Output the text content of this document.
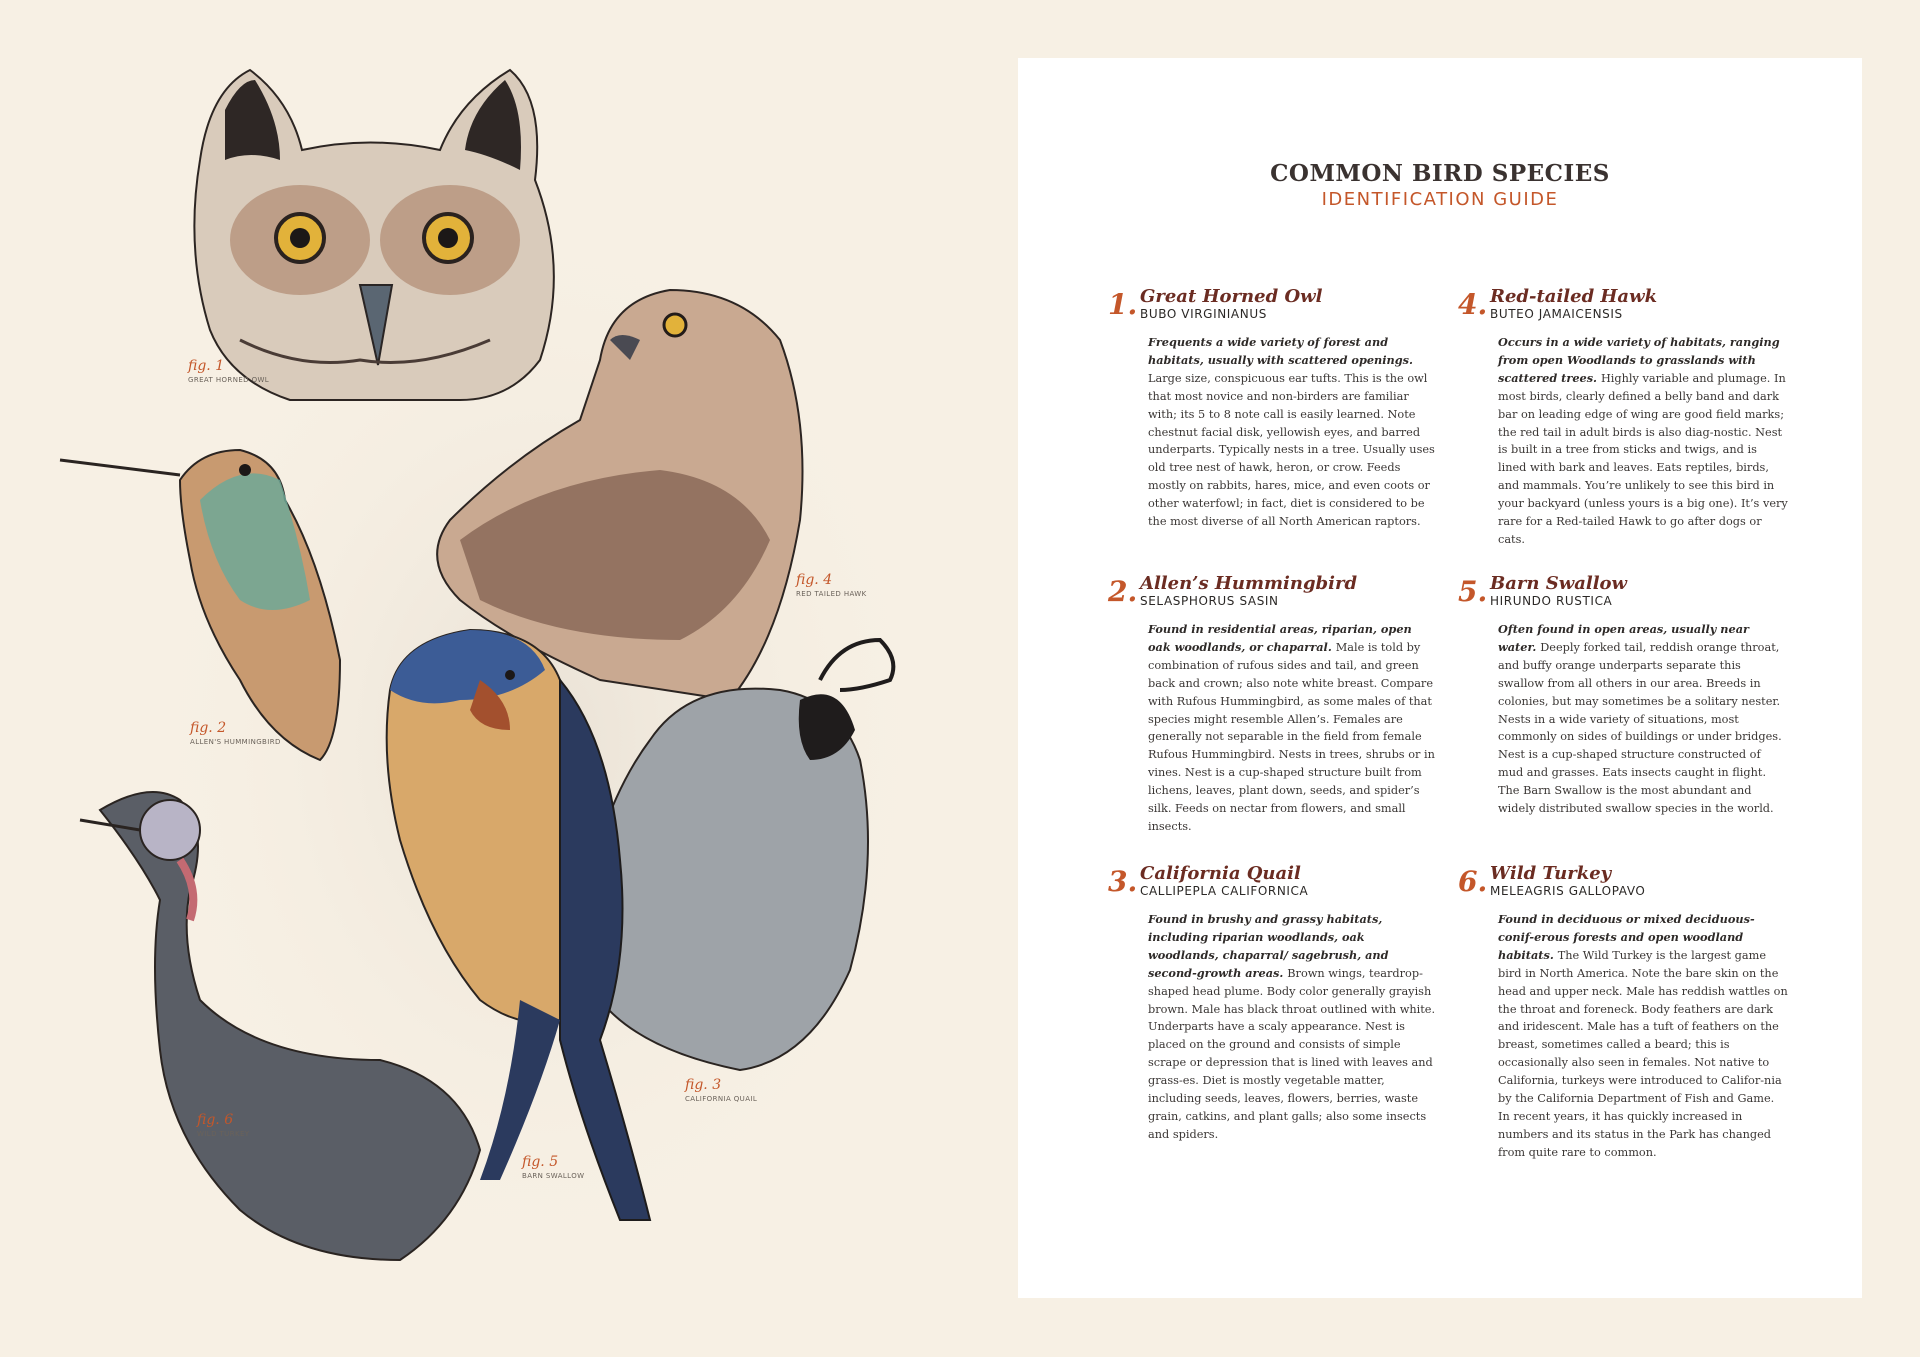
fig. 1
GREAT HORNED OWL
fig. 2
ALLEN'S HUMMINGBIRD
fig. 3
CALIFORNIA QUAIL
fig. 4
RED TAILED HAWK
fig. 5
BARN SWALLOW
fig. 6
WILD TURKEY
COMMON BIRD SPECIES
IDENTIFICATION GUIDE
1. Great Horned Owl
BUBO VIRGINIANUS
Frequents a wide variety of forest and habitats, usually with scattered openings. Large size, conspicuous ear tufts. This is the owl that most novice and non-birders are familiar with; its 5 to 8 note call is easily learned. Note chestnut facial disk, yellowish eyes, and barred underparts. Typically nests in a tree. Usually uses old tree nest of hawk, heron, or crow. Feeds mostly on rabbits, hares, mice, and even coots or other waterfowl; in fact, diet is considered to be the most diverse of all North American raptors.
2. Allen’s Hummingbird
SELASPHORUS SASIN
Found in residential areas, riparian, open oak woodlands, or chaparral. Male is told by combination of rufous sides and tail, and green back and crown; also note white breast. Compare with Rufous Hummingbird, as some males of that species might resemble Allen’s. Females are generally not separable in the field from female Rufous Hummingbird. Nests in trees, shrubs or in vines. Nest is a cup-shaped structure built from lichens, leaves, plant down, seeds, and spider’s silk. Feeds on nectar from flowers, and small insects.
3. California Quail
CALLIPEPLA CALIFORNICA
Found in brushy and grassy habitats, including riparian woodlands, oak woodlands, chaparral/ sagebrush, and second-growth areas. Brown wings, teardrop-shaped head plume. Body color generally grayish brown. Male has black throat outlined with white. Underparts have a scaly appearance. Nest is placed on the ground and consists of simple scrape or depression that is lined with leaves and grass-es. Diet is mostly vegetable matter, including seeds, leaves, flowers, berries, waste grain, catkins, and plant galls; also some insects and spiders.
4. Red-tailed Hawk
BUTEO JAMAICENSIS
Occurs in a wide variety of habitats, ranging from open Woodlands to grasslands with scattered trees. Highly variable and plumage. In most birds, clearly defined a belly band and dark bar on leading edge of wing are good field marks; the red tail in adult birds is also diag-nostic. Nest is built in a tree from sticks and twigs, and is lined with bark and leaves. Eats reptiles, birds, and mammals. You’re unlikely to see this bird in your backyard (unless yours is a big one). It’s very rare for a Red-tailed Hawk to go after dogs or cats.
5. Barn Swallow
HIRUNDO RUSTICA
Often found in open areas, usually near water. Deeply forked tail, reddish orange throat, and buffy orange underparts separate this swallow from all others in our area. Breeds in colonies, but may sometimes be a solitary nester. Nests in a wide variety of situations, most commonly on sides of buildings or under bridges. Nest is a cup-shaped structure constructed of mud and grasses. Eats insects caught in flight. The Barn Swallow is the most abundant and widely distributed swallow species in the world.
6. Wild Turkey
MELEAGRIS GALLOPAVO
Found in deciduous or mixed deciduous-conif-erous forests and open woodland habitats. The Wild Turkey is the largest game bird in North America. Note the bare skin on the head and upper neck. Male has reddish wattles on the throat and foreneck. Body feathers are dark and iridescent. Male has a tuft of feathers on the breast, sometimes called a beard; this is occasionally also seen in females. Not native to California, turkeys were introduced to Califor-nia by the California Department of Fish and Game. In recent years, it has quickly increased in numbers and its status in the Park has changed from quite rare to common.
